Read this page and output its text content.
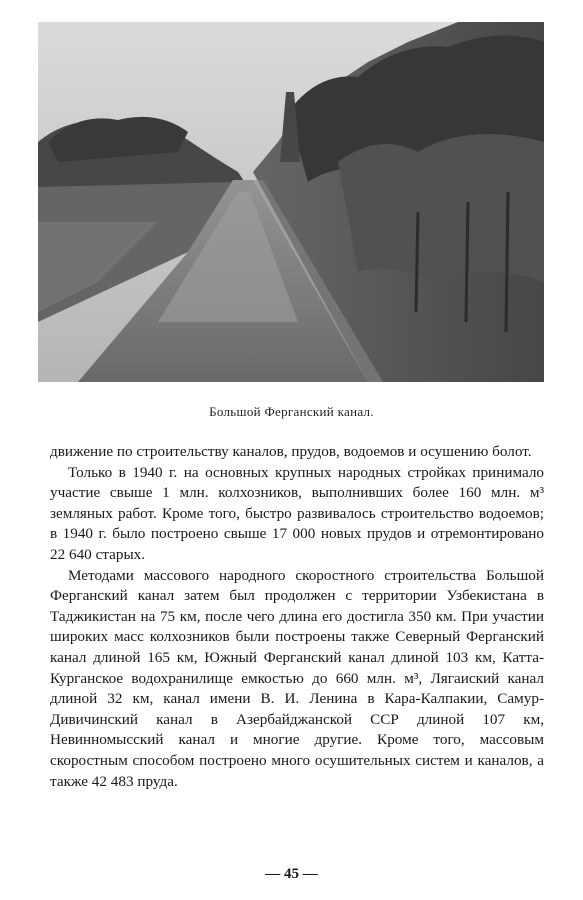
Большой Ферганский канал.

движение по строительству каналов, прудов, водоемов и осушению болот.

Только в 1940 г. на основных крупных народных стройках принимало участие свыше 1 млн. колхозников, выполнивших более 160 млн. м³ земляных работ. Кроме того, быстро развивалось строительство водоемов; в 1940 г. было построено свыше 17 000 новых прудов и отремонтировано 22 640 старых.

Методами массового народного скоростного строительства Большой Ферганский канал затем был продолжен с территории Узбекистана в Таджикистан на 75 км, после чего длина его достигла 350 км. При участии широких масс колхозников были построены также Северный Ферганский канал длиной 165 км, Южный Ферганский канал длиной 103 км, Катта-Курганское водохранилище емкостью до 660 млн. м³, Лягаиский канал длиной 32 км, канал имени В. И. Ленина в Кара-Калпакии, Самур-Дивичинский канал в Азербайджанской ССР длиной 107 км, Невинномысский канал и многие другие. Кроме того, массовым скоростным способом построено много осушительных систем и каналов, а также 42 483 пруда.

— 45 —
